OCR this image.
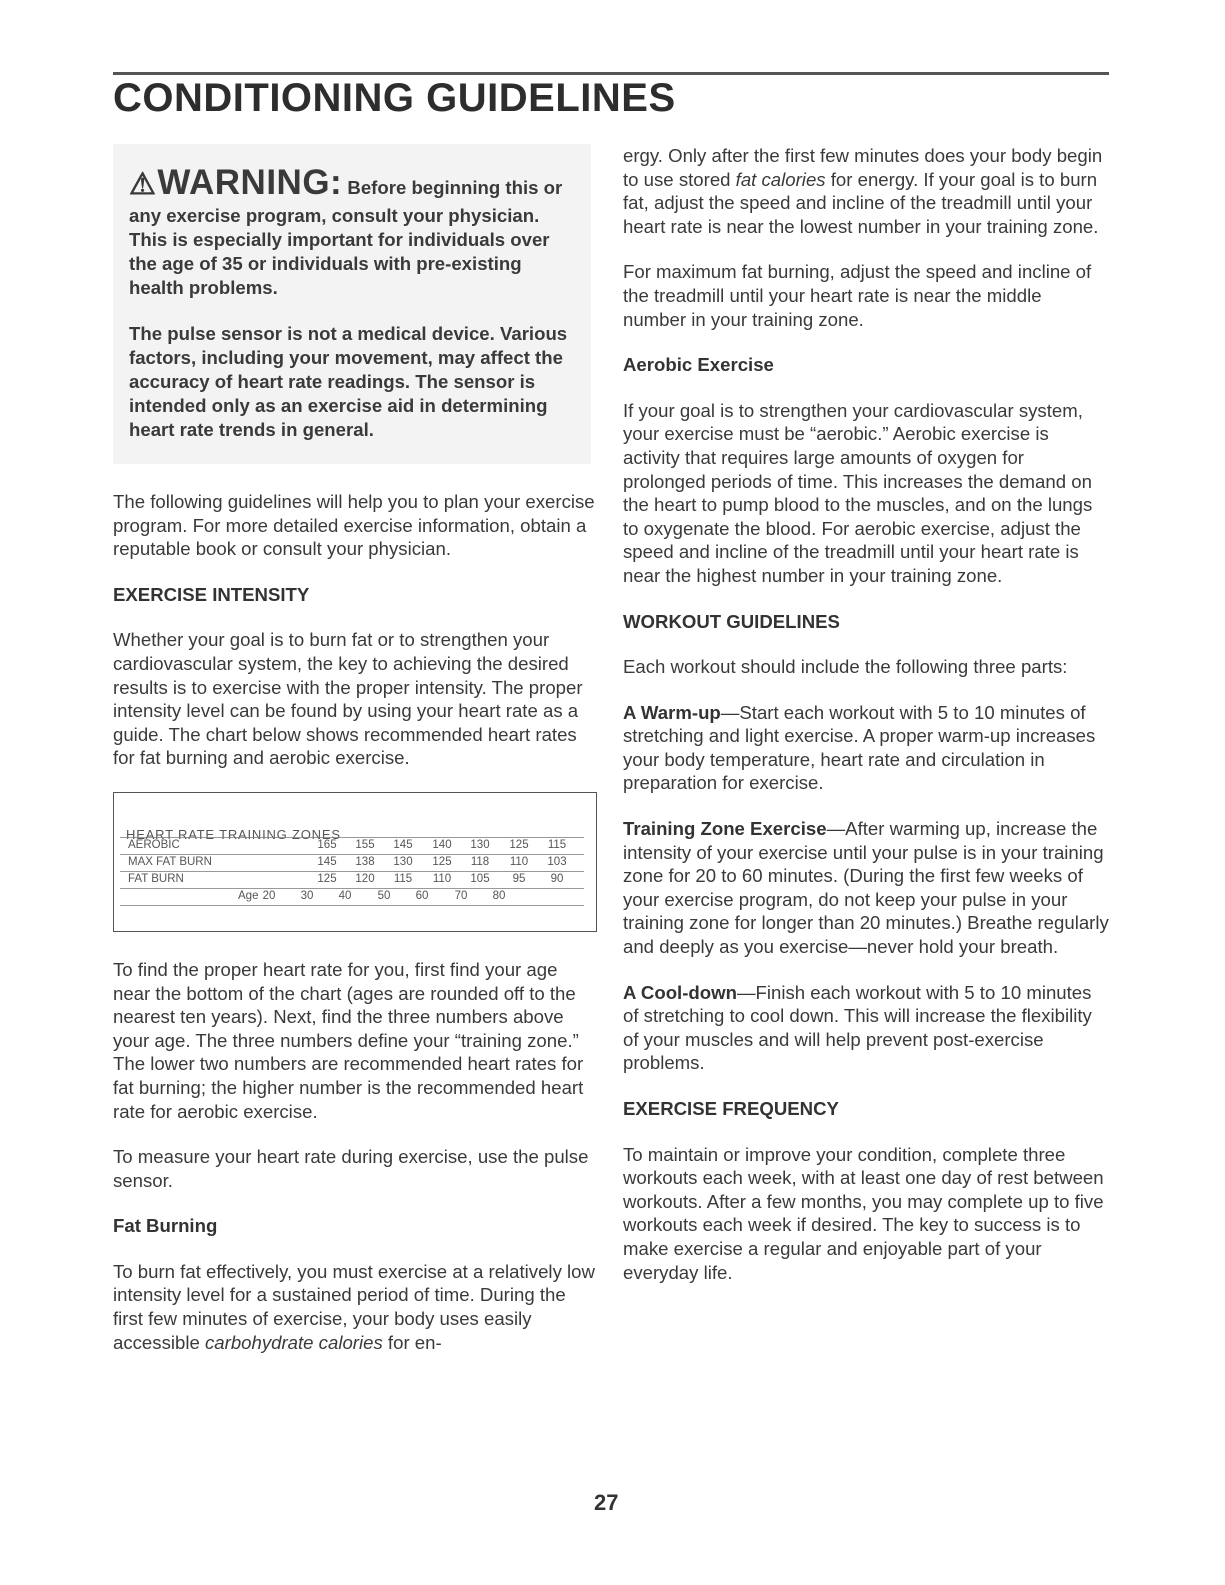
CONDITIONING GUIDELINES

⚠WARNING: Before beginning this or any exercise program, consult your physician. This is especially important for individuals over the age of 35 or individuals with pre-existing health problems.

The pulse sensor is not a medical device. Various factors, including your movement, may affect the accuracy of heart rate readings. The sensor is intended only as an exercise aid in determining heart rate trends in general.

The following guidelines will help you to plan your exercise program. For more detailed exercise information, obtain a reputable book or consult your physician.

EXERCISE INTENSITY

Whether your goal is to burn fat or to strengthen your cardiovascular system, the key to achieving the desired results is to exercise with the proper intensity. The proper intensity level can be found by using your heart rate as a guide. The chart below shows recommended heart rates for fat burning and aerobic exercise.

HEART RATE TRAINING ZONES
AEROBIC	165 155 145 140 130 125 115
MAX FAT BURN	145 138 130 125 118 110 103
FAT BURN	125 120 115 110 105 95 90
Age 20 30 40 50 60 70 80

To find the proper heart rate for you, first find your age near the bottom of the chart (ages are rounded off to the nearest ten years). Next, find the three numbers above your age. The three numbers define your “training zone.” The lower two numbers are recommended heart rates for fat burning; the higher number is the recommended heart rate for aerobic exercise.

To measure your heart rate during exercise, use the pulse sensor.

Fat Burning

To burn fat effectively, you must exercise at a relatively low intensity level for a sustained period of time. During the first few minutes of exercise, your body uses easily accessible carbohydrate calories for en-

ergy. Only after the first few minutes does your body begin to use stored fat calories for energy. If your goal is to burn fat, adjust the speed and incline of the treadmill until your heart rate is near the lowest number in your training zone.

For maximum fat burning, adjust the speed and incline of the treadmill until your heart rate is near the middle number in your training zone.

Aerobic Exercise

If your goal is to strengthen your cardiovascular system, your exercise must be “aerobic.” Aerobic exercise is activity that requires large amounts of oxygen for prolonged periods of time. This increases the demand on the heart to pump blood to the muscles, and on the lungs to oxygenate the blood. For aerobic exercise, adjust the speed and incline of the treadmill until your heart rate is near the highest number in your training zone.

WORKOUT GUIDELINES

Each workout should include the following three parts:

A Warm-up—Start each workout with 5 to 10 minutes of stretching and light exercise. A proper warm-up increases your body temperature, heart rate and circulation in preparation for exercise.

Training Zone Exercise—After warming up, increase the intensity of your exercise until your pulse is in your training zone for 20 to 60 minutes. (During the first few weeks of your exercise program, do not keep your pulse in your training zone for longer than 20 minutes.) Breathe regularly and deeply as you exercise—never hold your breath.

A Cool-down—Finish each workout with 5 to 10 minutes of stretching to cool down. This will increase the flexibility of your muscles and will help prevent post-exercise problems.

EXERCISE FREQUENCY

To maintain or improve your condition, complete three workouts each week, with at least one day of rest between workouts. After a few months, you may complete up to five workouts each week if desired. The key to success is to make exercise a regular and enjoyable part of your everyday life.

27
